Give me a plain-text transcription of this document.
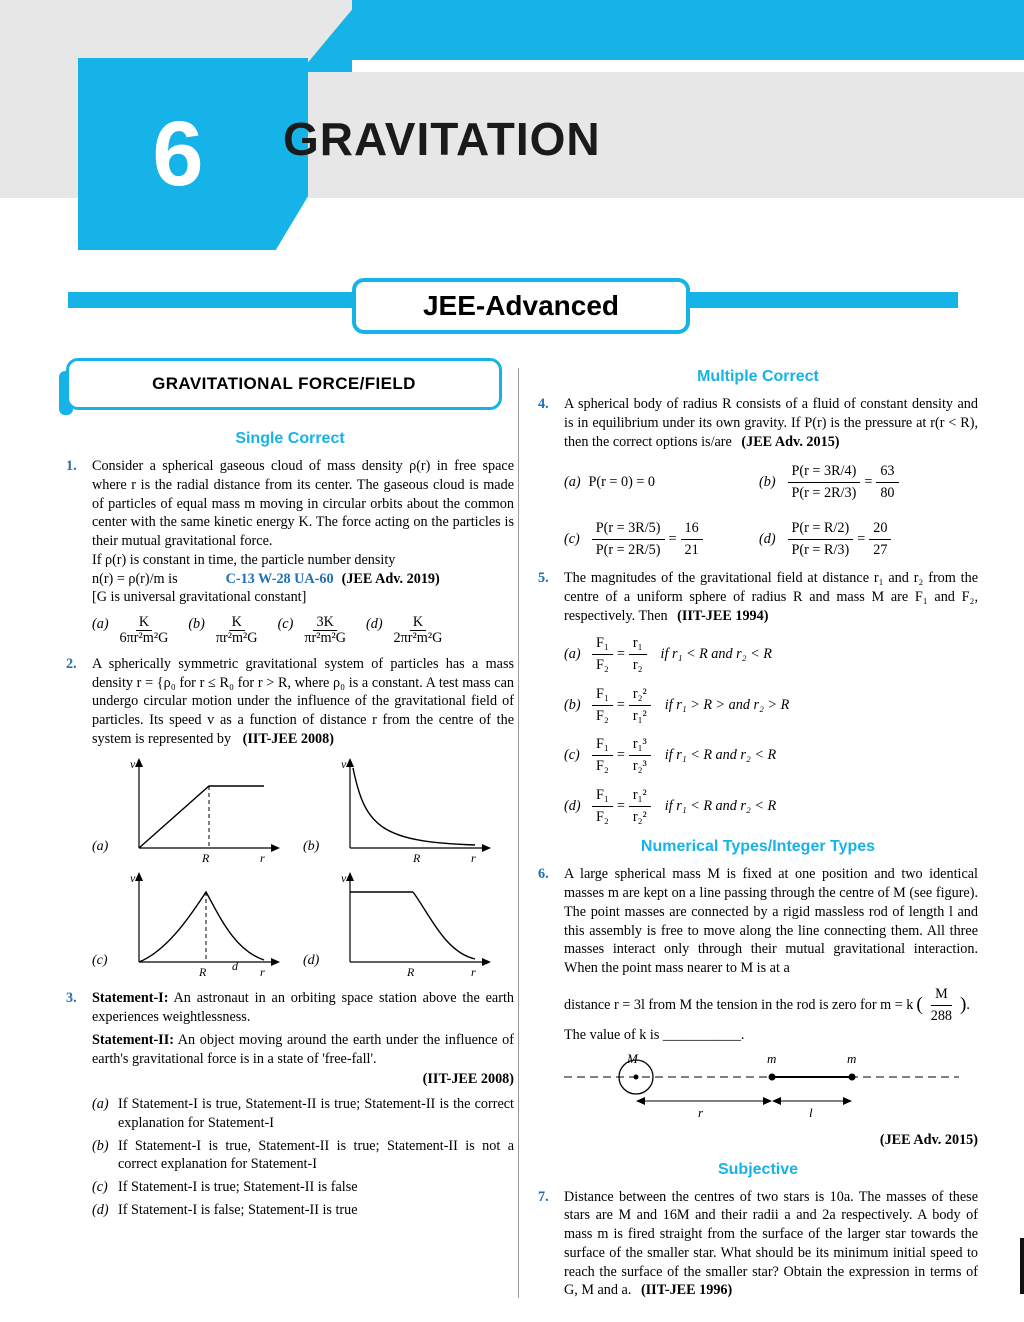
6	GRAVITATION
JEE-Advanced
GRAVITATIONAL FORCE/FIELD
Single Correct
1. Consider a spherical gaseous cloud of mass density ρ(r) in free space where r is the radial distance from its center. The gaseous cloud is made of particles of equal mass m moving in circular orbits about the common center with the same kinetic energy K. The force acting on the particles is their mutual gravitational force.
If ρ(r) is constant in time, the particle number density
n(r) = ρ(r)/m is	C-13 W-28 UA-60 (JEE Adv. 2019)
[G is universal gravitational constant]
$(a) \frac{K}{\text{6πr²m²G}} (b) \frac{K}{\text{πr²m²G}} (c) \frac{3K}{\text{πr²m²G}} (d) \frac{K}{\text{2πr²m²G}}$
2. A spherically symmetric gravitational system of particles has a mass density r = {ρ₀ for r ≤ R₀ for r > R, where ρ₀ is a constant. A test mass can undergo circular motion under the influence of the gravitational field of particles. Its speed v as a function of distance r from the centre of the system is represented by (IIT-JEE 2008)
(a)
v
R	r
(b)
v
R	r
(c)
v
R d r
(d)
v
R	r
3. Statement-I: An astronaut in an orbiting space station above the earth experiences weightlessness.
Statement-II: An object moving around the earth under the influence of earth's gravitational force is in a state of 'free-fall'.
(IIT-JEE 2008)
(a) If Statement-I is true, Statement-II is true; Statement-II is the correct explanation for Statement-I
(b) If Statement-I is true, Statement-II is true; Statement-II is not a correct explanation for Statement-I
(c) If Statement-I is true; Statement-II is false
(d) If Statement-I is false; Statement-II is true
Multiple Correct
4. A spherical body of radius R consists of a fluid of constant density and is in equilibrium under its own gravity. If P(r) is the pressure at r(r < R), then the correct options is/are (JEE Adv. 2015)
(a) P(r = 0) = 0	$(b) \frac{P(r = 3R/4)}{P(r = 2R/3)} = \frac{63}{80}$
$(c) \frac{P(r = 3R/5)}{P(r = 2R/5)} = \frac{16}{21}$	$(d) \frac{P(r = R/2)}{P(r = R/3)} = \frac{20}{27}$
5. The magnitudes of the gravitational field at distance r₁ and r₂ from the centre of a uniform sphere of radius R and mass M are F₁ and F₂, respectively. Then (IIT-JEE 1994)
$(a) \frac{\text{F₁}}{\text{F₂}} = \frac{\text{r₁}}{\text{r₂}}$ if r₁ < R and r₂ < R
$(b) \frac{\text{F₁}}{\text{F₂}} = \frac{\text{r₂²}}{\text{r₁²}}$ if r₁ > R > and r₂ > R
$(c) \frac{\text{F₁}}{\text{F₂}} = \frac{\text{r₁³}}{\text{r₂³}}$ if r₁ < R and r₂ < R
$(d) \frac{\text{F₁}}{\text{F₂}} = \frac{\text{r₁²}}{\text{r₂²}}$ if r₁ < R and r₂ < R
Numerical Types/Integer Types
6. A large spherical mass M is fixed at one position and two identical masses m are kept on a line passing through the centre of M (see figure). The point masses are connected by a rigid massless rod of length l and this assembly is free to move along the line connecting them. All three masses interact only through their mutual gravitational interaction. When the point mass nearer to M is at a
distance r = 3l from M the tension in the rod is zero for m = k ( $\frac{M}{288}$ ) .
The value of k is ___________.
M	m	m
r	l
(JEE Adv. 2015)
Subjective
7. Distance between the centres of two stars is 10a. The masses of these stars are M and 16M and their radii a and 2a respectively. A body of mass m is fired straight from the surface of the larger star towards the surface of the smaller star. What should be its minimum initial speed to reach the surface of the smaller star? Obtain the expression in terms of G, M and a. (IIT-JEE 1996)
